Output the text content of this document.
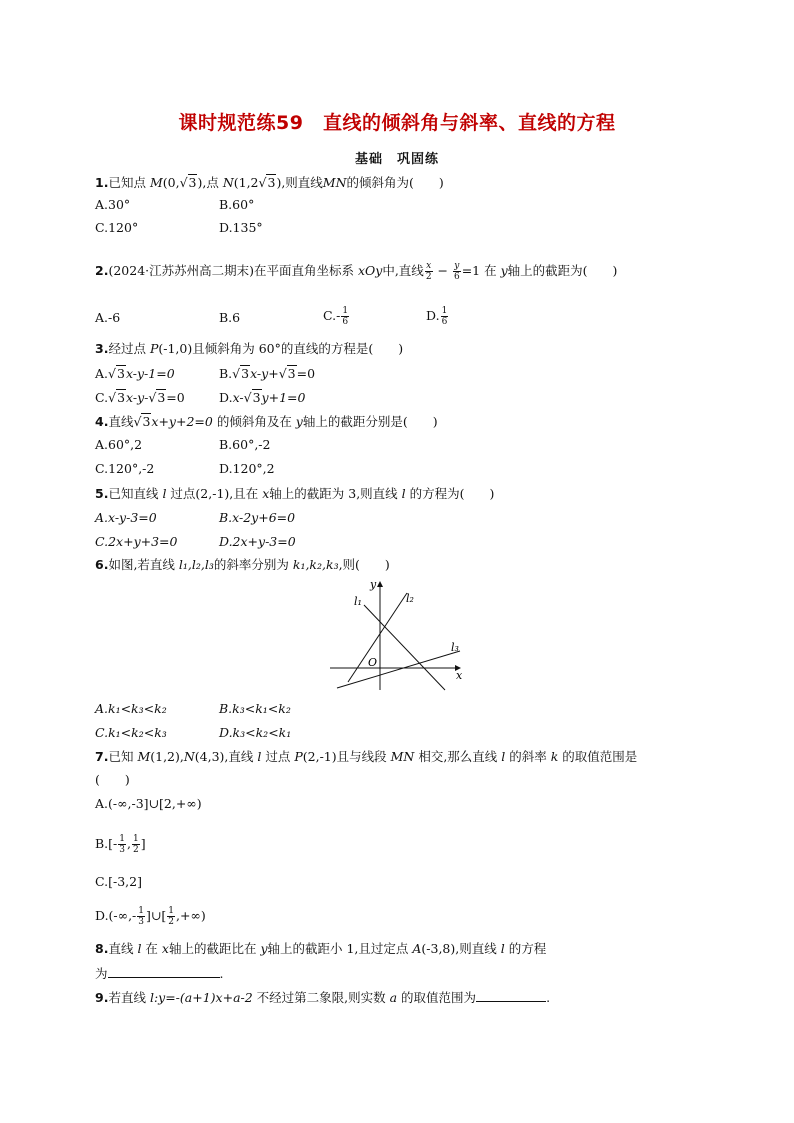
课时规范练59　直线的倾斜角与斜率、直线的方程
基础　巩固练
1.已知点 M(0,√3),点 N(1,2√3),则直线MN的倾斜角为(　　)
A.30°	B.60°
C.120°	D.135°
2.(2024·江苏苏州高二期末)在平面直角坐标系 xOy中,直线 $\frac{x}{2} - \frac{y}{6} =1$ 在 y轴上的截距为(　　)
A.-6	B.6	$C.- \frac{1}{6}$	D. $\frac{1}{6}$
3.经过点 P(-1,0)且倾斜角为 60°的直线的方程是(　　)
A.√3x-y-1=0	B.√3x-y+√3=0
C.√3x-y-√3=0	D.x-√3y+1=0
4.直线√3x+y+2=0 的倾斜角及在 y轴上的截距分别是(　　)
A.60°,2	B.60°,-2
C.120°,-2	D.120°,2
5.已知直线 l 过点(2,-1),且在 x轴上的截距为 3,则直线 l 的方程为(　　)
A.x-y-3=0	B.x-2y+6=0
C.2x+y+3=0	D.2x+y-3=0
6.如图,若直线 l₁,l₂,l₃的斜率分别为 k₁,k₂,k₃,则(　　)
y
x
O
l₁	l₂
l₃
A.k₁<k₃<k₂	B.k₃<k₁<k₂
C.k₁<k₂<k₃	D.k₃<k₂<k₁
7.已知 M(1,2),N(4,3),直线 l 过点 P(2,-1)且与线段 MN 相交,那么直线 l 的斜率 k 的取值范围是
(　　)
A.(-∞,-3]∪[2,+∞)
$B.[- \frac{1}{3}$ , $\frac{1}{2}$ ]
C.[-3,2]
$D.(-\infty,- \frac{1}{3}$ ]∪[ $\frac{1}{2}$ ,+∞)
8.直线 l 在 x轴上的截距比在 y轴上的截距小 1,且过定点 A(-3,8),则直线 l 的方程
为	.
9.若直线 l:y=-(a+1)x+a-2 不经过第二象限,则实数 a 的取值范围为	.
